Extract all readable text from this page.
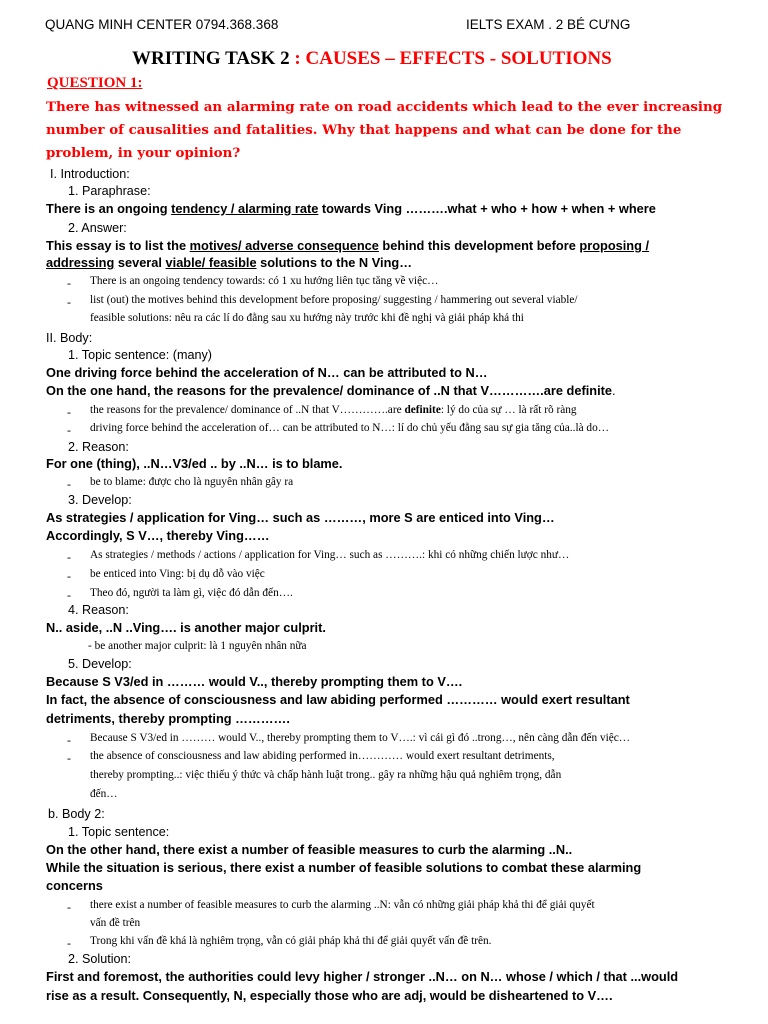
QUANG MINH CENTER 0794.368.368	IELTS EXAM . 2 BÉ CƯNG
WRITING TASK 2 : CAUSES – EFFECTS - SOLUTIONS
QUESTION 1:
There has witnessed an alarming rate on road accidents which lead to the ever increasing
number of causalities and fatalities. Why that happens and what can be done for the
problem, in your opinion?
I. Introduction:
1. Paraphrase:
There is an ongoing tendency / alarming rate towards Ving ……….what + who + how + when + where
2. Answer:
This essay is to list the motives/ adverse consequence behind this development before proposing /
addressing several viable/ feasible solutions to the N Ving…
- There is an ongoing tendency towards: có 1 xu hướng liên tục tăng về việc…
- list (out) the motives behind this development before proposing/ suggesting / hammering out several viable/
feasible solutions: nêu ra các lí do đằng sau xu hướng này trước khi đề nghị và giải pháp khả thi
II. Body:
1. Topic sentence: (many)
One driving force behind the acceleration of N… can be attributed to N…
On the one hand, the reasons for the prevalence/ dominance of ..N that V………….are definite.
- the reasons for the prevalence/ dominance of ..N that V………….are definite: lý do của sự … là rất rõ ràng
- driving force behind the acceleration of… can be attributed to N…: lí do chủ yếu đằng sau sự gia tăng của..là do…
2. Reason:
For one (thing), ..N…V3/ed .. by ..N… is to blame.
- be to blame: được cho là nguyên nhân gây ra
3. Develop:
As strategies / application for Ving… such as ………, more S are enticed into Ving…
Accordingly, S V…, thereby Ving……
- As strategies / methods / actions / application for Ving… such as ……….: khi có những chiến lược như…
- be enticed into Ving: bị dụ dỗ vào việc
- Theo đó, người ta làm gì, việc đó dẫn đến….
4. Reason:
N.. aside, ..N ..Ving…. is another major culprit.
- be another major culprit: là 1 nguyên nhân nữa
5. Develop:
Because S V3/ed in ……… would V.., thereby prompting them to V….
In fact, the absence of consciousness and law abiding performed ………… would exert resultant
detriments, thereby prompting ………….
- Because S V3/ed in ……… would V.., thereby prompting them to V….: vì cái gì đó ..trong…, nên càng dẫn đến việc…
- the absence of consciousness and law abiding performed in………… would exert resultant detriments,
thereby prompting..: việc thiếu ý thức và chấp hành luật trong.. gây ra những hậu quả nghiêm trọng, dẫn
đến…
b. Body 2:
1. Topic sentence:
On the other hand, there exist a number of feasible measures to curb the alarming ..N..
While the situation is serious, there exist a number of feasible solutions to combat these alarming
concerns
- there exist a number of feasible measures to curb the alarming ..N: vẫn có những giải pháp khả thi để giải quyết
vấn đề trên
- Trong khi vấn đề khá là nghiêm trọng, vẫn có giải pháp khả thi để giải quyết vấn đề trên.
2. Solution:
First and foremost, the authorities could levy higher / stronger ..N… on N… whose / which / that ...would
rise as a result. Consequently, N, especially those who are adj, would be disheartened to V….
